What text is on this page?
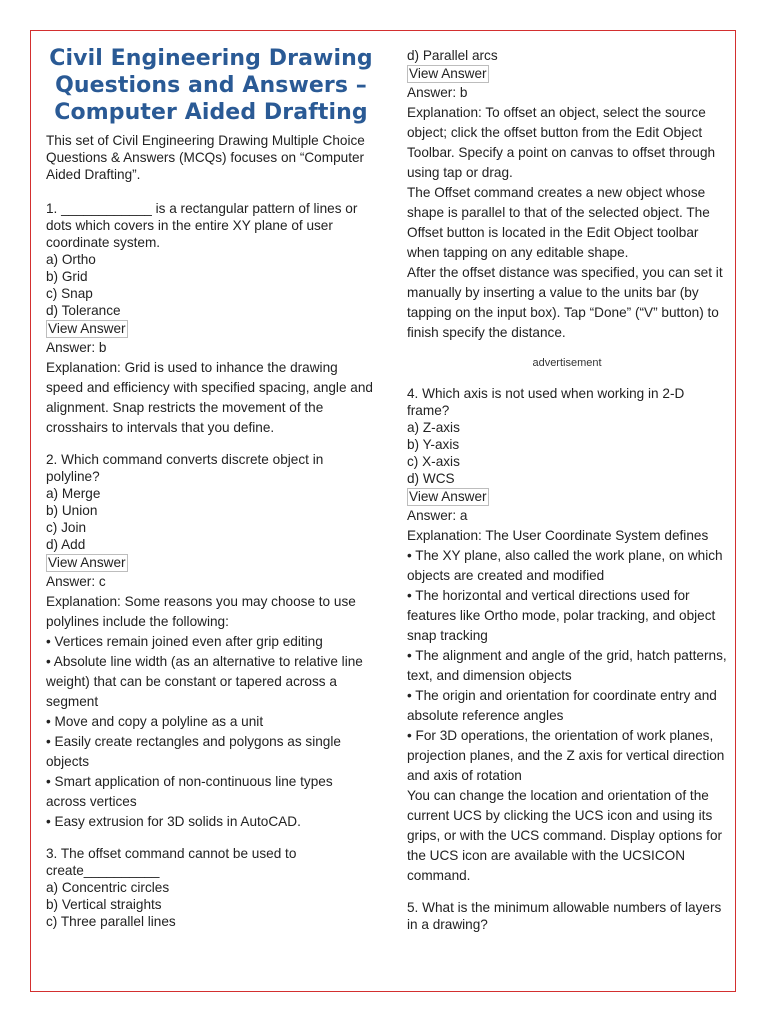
Civil Engineering Drawing Questions and Answers – Computer Aided Drafting

This set of Civil Engineering Drawing Multiple Choice Questions & Answers (MCQs) focuses on “Computer Aided Drafting”.

1. ____________ is a rectangular pattern of lines or dots which covers in the entire XY plane of user coordinate system.

a) Ortho
b) Grid
c) Snap
d) Tolerance
View Answer
Answer: b

Explanation: Grid is used to inhance the drawing speed and efficiency with specified spacing, angle and alignment. Snap restricts the movement of the crosshairs to intervals that you define.

2. Which command converts discrete object in polyline?

a) Merge
b) Union
c) Join
d) Add
View Answer
Answer: c

Explanation: Some reasons you may choose to use polylines include the following:

• Vertices remain joined even after grip editing

• Absolute line width (as an alternative to relative line weight) that can be constant or tapered across a segment

• Move and copy a polyline as a unit

• Easily create rectangles and polygons as single objects

• Smart application of non-continuous line types across vertices

• Easy extrusion for 3D solids in AutoCAD.

3. The offset command cannot be used to create__________

a) Concentric circles
b) Vertical straights
c) Three parallel lines
d) Parallel arcs
View Answer
Answer: b

Explanation: To offset an object, select the source object; click the offset button from the Edit Object Toolbar. Specify a point on canvas to offset through using tap or drag.

The Offset command creates a new object whose shape is parallel to that of the selected object. The Offset button is located in the Edit Object toolbar when tapping on any editable shape.

After the offset distance was specified, you can set it manually by inserting a value to the units bar (by tapping on the input box). Tap “Done” (“V” button) to finish specify the distance.

advertisement

4. Which axis is not used when working in 2-D frame?

a) Z-axis
b) Y-axis
c) X-axis
d) WCS
View Answer
Answer: a

Explanation: The User Coordinate System defines

• The XY plane, also called the work plane, on which objects are created and modified

• The horizontal and vertical directions used for features like Ortho mode, polar tracking, and object snap tracking

• The alignment and angle of the grid, hatch patterns, text, and dimension objects

• The origin and orientation for coordinate entry and absolute reference angles

• For 3D operations, the orientation of work planes, projection planes, and the Z axis for vertical direction and axis of rotation

You can change the location and orientation of the current UCS by clicking the UCS icon and using its grips, or with the UCS command. Display options for the UCS icon are available with the UCSICON command.

5. What is the minimum allowable numbers of layers in a drawing?
